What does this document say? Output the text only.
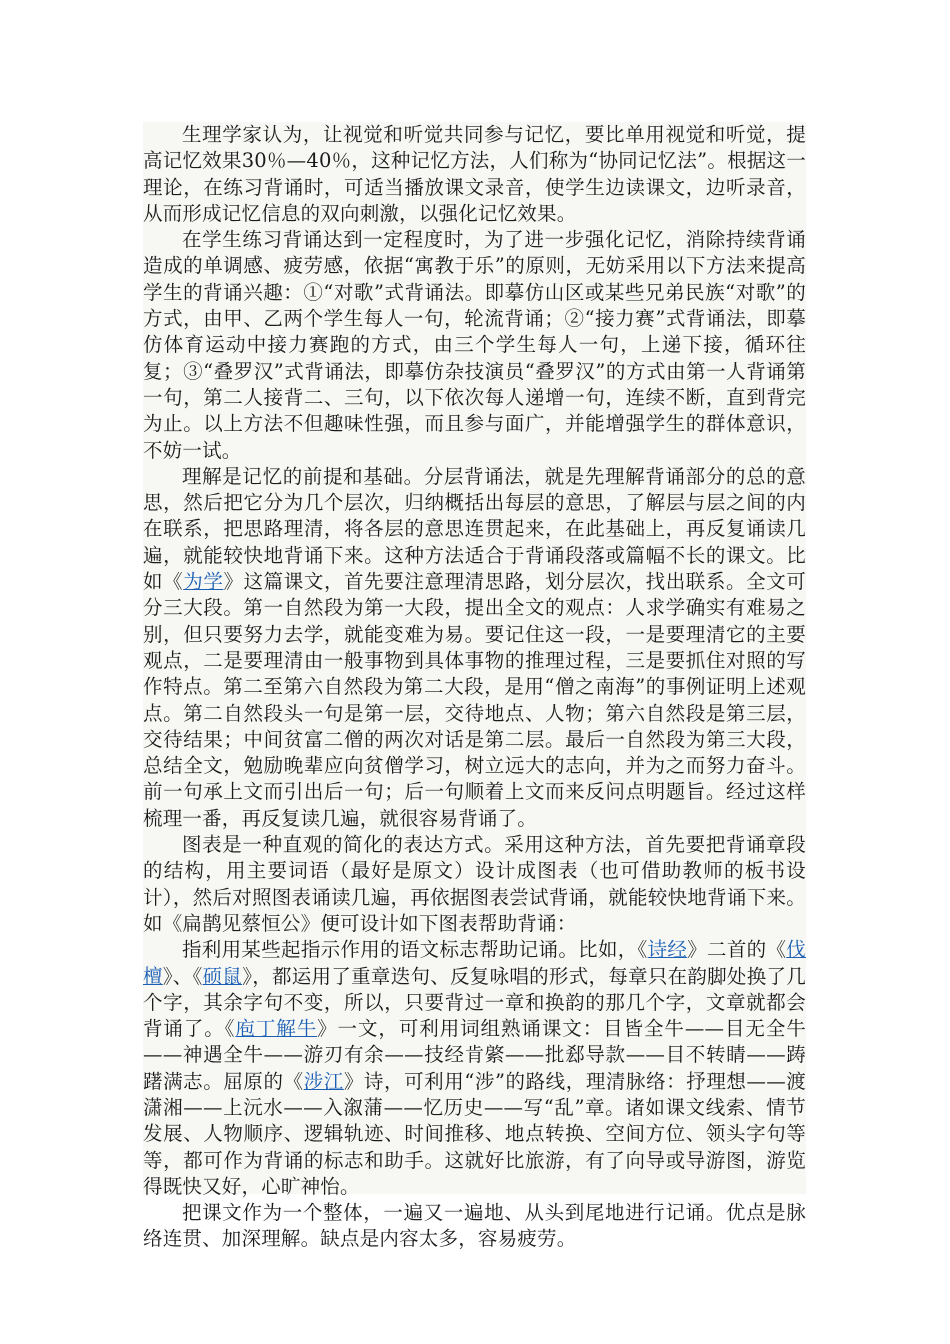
生理学家认为，让视觉和听觉共同参与记忆，要比单用视觉和听觉，提高记忆效果30％—40％，这种记忆方法，人们称为“协同记忆法”。根据这一理论，在练习背诵时，可适当播放课文录音，使学生边读课文，边听录音，从而形成记忆信息的双向刺激，以强化记忆效果。

在学生练习背诵达到一定程度时，为了进一步强化记忆，消除持续背诵造成的单调感、疲劳感，依据“寓教于乐”的原则，无妨采用以下方法来提高学生的背诵兴趣：①“对歌”式背诵法。即摹仿山区或某些兄弟民族“对歌”的方式，由甲、乙两个学生每人一句，轮流背诵；②“接力赛”式背诵法，即摹仿体育运动中接力赛跑的方式，由三个学生每人一句，上递下接，循环往复；③“叠罗汉”式背诵法，即摹仿杂技演员“叠罗汉”的方式由第一人背诵第一句，第二人接背二、三句，以下依次每人递增一句，连续不断，直到背完为止。以上方法不但趣味性强，而且参与面广，并能增强学生的群体意识，不妨一试。

理解是记忆的前提和基础。分层背诵法，就是先理解背诵部分的总的意思，然后把它分为几个层次，归纳概括出每层的意思，了解层与层之间的内在联系，把思路理清，将各层的意思连贯起来，在此基础上，再反复诵读几遍，就能较快地背诵下来。这种方法适合于背诵段落或篇幅不长的课文。比如《为学》这篇课文，首先要注意理清思路，划分层次，找出联系。全文可分三大段。第一自然段为第一大段，提出全文的观点：人求学确实有难易之别，但只要努力去学，就能变难为易。要记住这一段，一是要理清它的主要观点，二是要理清由一般事物到具体事物的推理过程，三是要抓住对照的写作特点。第二至第六自然段为第二大段，是用“僧之南海”的事例证明上述观点。第二自然段头一句是第一层，交待地点、人物；第六自然段是第三层，交待结果；中间贫富二僧的两次对话是第二层。最后一自然段为第三大段，总结全文，勉励晚辈应向贫僧学习，树立远大的志向，并为之而努力奋斗。前一句承上文而引出后一句；后一句顺着上文而来反问点明题旨。经过这样梳理一番，再反复读几遍，就很容易背诵了。

图表是一种直观的简化的表达方式。采用这种方法，首先要把背诵章段的结构，用主要词语（最好是原文）设计成图表（也可借助教师的板书设计），然后对照图表诵读几遍，再依据图表尝试背诵，就能较快地背诵下来。如《扁鹊见蔡恒公》便可设计如下图表帮助背诵：

指利用某些起指示作用的语文标志帮助记诵。比如，《诗经》二首的《伐檀》、《硕鼠》，都运用了重章迭句、反复咏唱的形式，每章只在韵脚处换了几个字，其余字句不变，所以，只要背过一章和换韵的那几个字，文章就都会背诵了。《庖丁解牛》一文，可利用词组熟诵课文：目皆全牛——目无全牛——神遇全牛——游刃有余——技经肯綮——批郄导款——目不转睛——踌躇满志。屈原的《涉江》诗，可利用“涉”的路线，理清脉络：抒理想——渡潇湘——上沅水——入溆蒲——忆历史——写“乱”章。诸如课文线索、情节发展、人物顺序、逻辑轨迹、时间推移、地点转换、空间方位、领头字句等等，都可作为背诵的标志和助手。这就好比旅游，有了向导或导游图，游览得既快又好，心旷神怡。

把课文作为一个整体，一遍又一遍地、从头到尾地进行记诵。优点是脉络连贯、加深理解。缺点是内容太多，容易疲劳。
